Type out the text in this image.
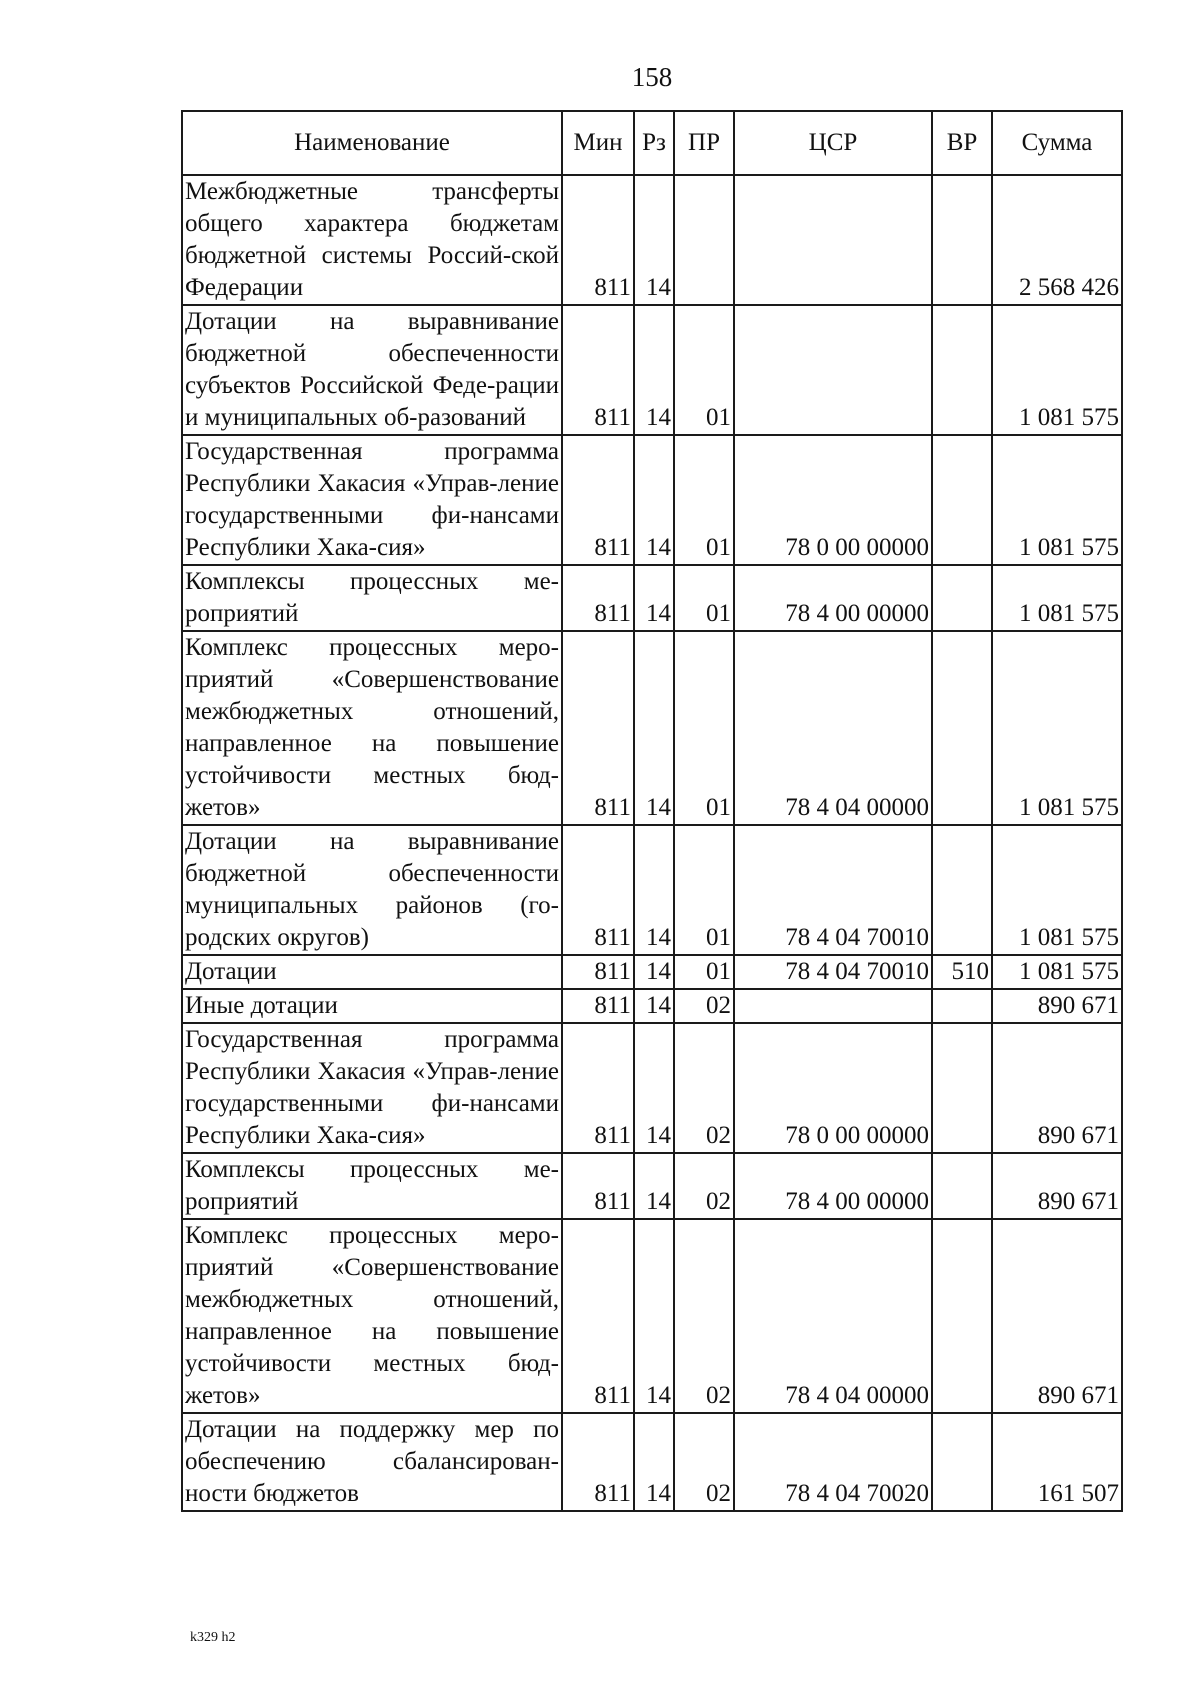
158
Наименование	Мин	Рз	ПР	ЦСР	ВР	Сумма
Межбюджетные трансферты общего характера бюджетам бюджетной системы Россий-ской Федерации	811	14				2 568 426
Дотации на выравнивание бюджетной обеспеченности субъектов Российской Феде-рации и муниципальных об-разований	811	14	01			1 081 575
Государственная программа Республики Хакасия «Управ-ление государственными фи-нансами Республики Хака-сия»	811	14	01	78 0 00 00000		1 081 575
Комплексы процессных ме-роприятий	811	14	01	78 4 00 00000		1 081 575
Комплекс процессных меро-приятий «Совершенствование межбюджетных отношений, направленное на повышение устойчивости местных бюд-жетов»	811	14	01	78 4 04 00000		1 081 575
Дотации на выравнивание бюджетной обеспеченности муниципальных районов (го-родских округов)	811	14	01	78 4 04 70010		1 081 575
Дотации	811	14	01	78 4 04 70010	510	1 081 575
Иные дотации	811	14	02			890 671
Государственная программа Республики Хакасия «Управ-ление государственными фи-нансами Республики Хака-сия»	811	14	02	78 0 00 00000		890 671
Комплексы процессных ме-роприятий	811	14	02	78 4 00 00000		890 671
Комплекс процессных меро-приятий «Совершенствование межбюджетных отношений, направленное на повышение устойчивости местных бюд-жетов»	811	14	02	78 4 04 00000		890 671
Дотации на поддержку мер по обеспечению сбалансирован-ности бюджетов	811	14	02	78 4 04 70020		161 507
k329 h2
